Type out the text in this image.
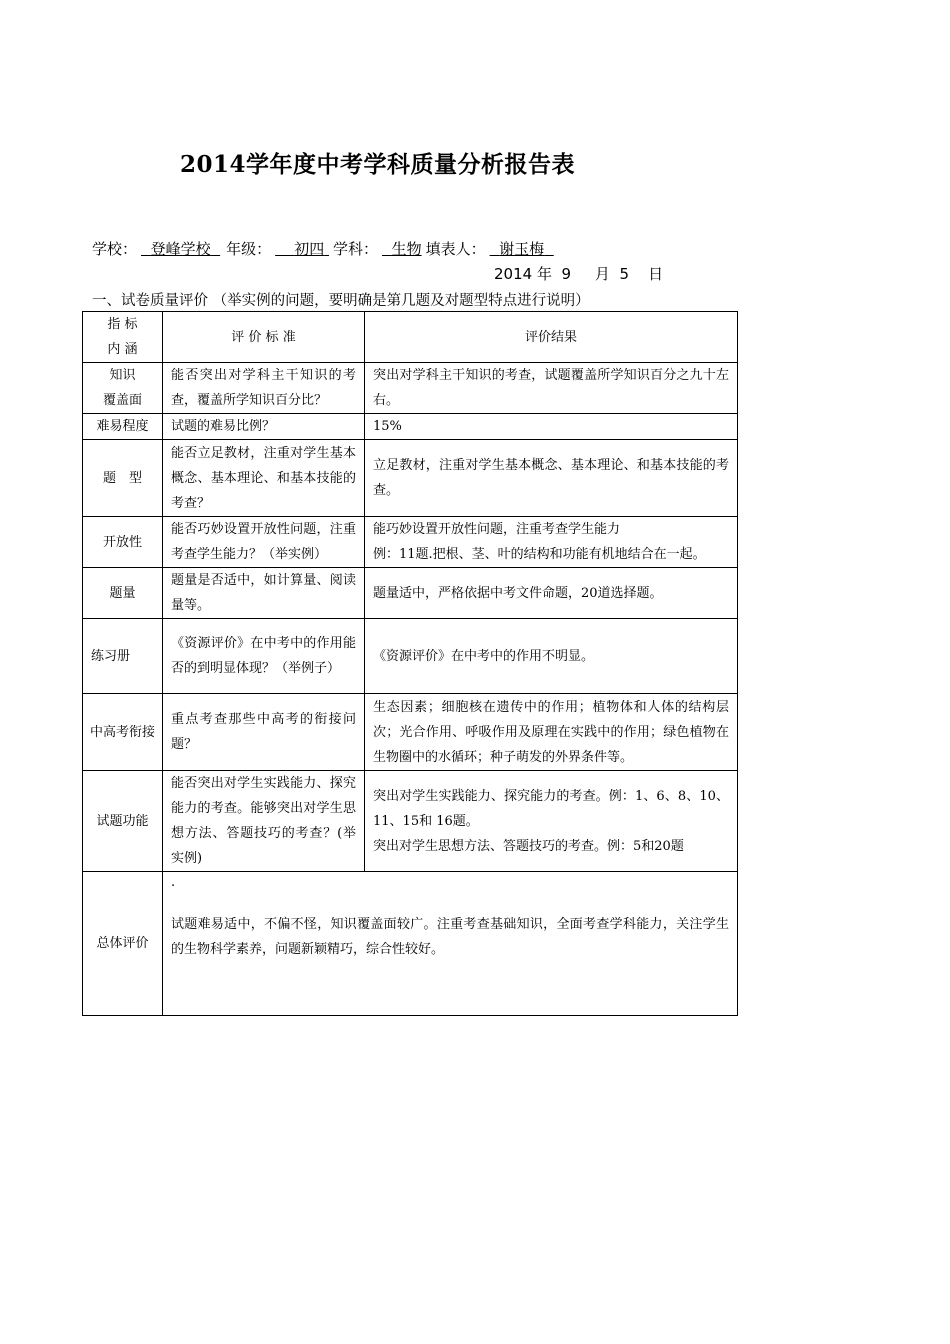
2014学年度中考学科质量分析报告表
学校： 登峰学校 年级： 初四 学科： 生物 填表人： 谢玉梅
2014 年 9 月 5 日
一、试卷质量评价 （举实例的问题，要明确是第几题及对题型特点进行说明）
指 标
内 涵	评 价 标 准	评价结果
知识
覆盖面	能否突出对学科主干知识的考查，覆盖所学知识百分比？	突出对学科主干知识的考查，试题覆盖所学知识百分之九十左右。
难易程度	试题的难易比例？	15%
题　型	能否立足教材，注重对学生基本概念、基本理论、和基本技能的考查？	立足教材，注重对学生基本概念、基本理论、和基本技能的考查。
开放性	能否巧妙设置开放性问题，注重考查学生能力？（举实例）	能巧妙设置开放性问题，注重考查学生能力
例：11题.把根、茎、叶的结构和功能有机地结合在一起。
题量	题量是否适中，如计算量、阅读量等。	题量适中，严格依据中考文件命题，20道选择题。
练习册	《资源评价》在中考中的作用能否的到明显体现？（举例子）	《资源评价》在中考中的作用不明显。
中高考衔接	重点考查那些中高考的衔接问题？	生态因素；细胞核在遗传中的作用；植物体和人体的结构层次；光合作用、呼吸作用及原理在实践中的作用；绿色植物在生物圈中的水循环；种子萌发的外界条件等。
试题功能	能否突出对学生实践能力、探究能力的考查。能够突出对学生思想方法、答题技巧的考查？(举实例)	突出对学生实践能力、探究能力的考查。例：1、6、8、10、11、15和 16题。
突出对学生思想方法、答题技巧的考查。例：5和20题
总体评价	.
试题难易适中，不偏不怪，知识覆盖面较广。注重考查基础知识，全面考查学科能力，关注学生的生物科学素养，问题新颖精巧，综合性较好。	
